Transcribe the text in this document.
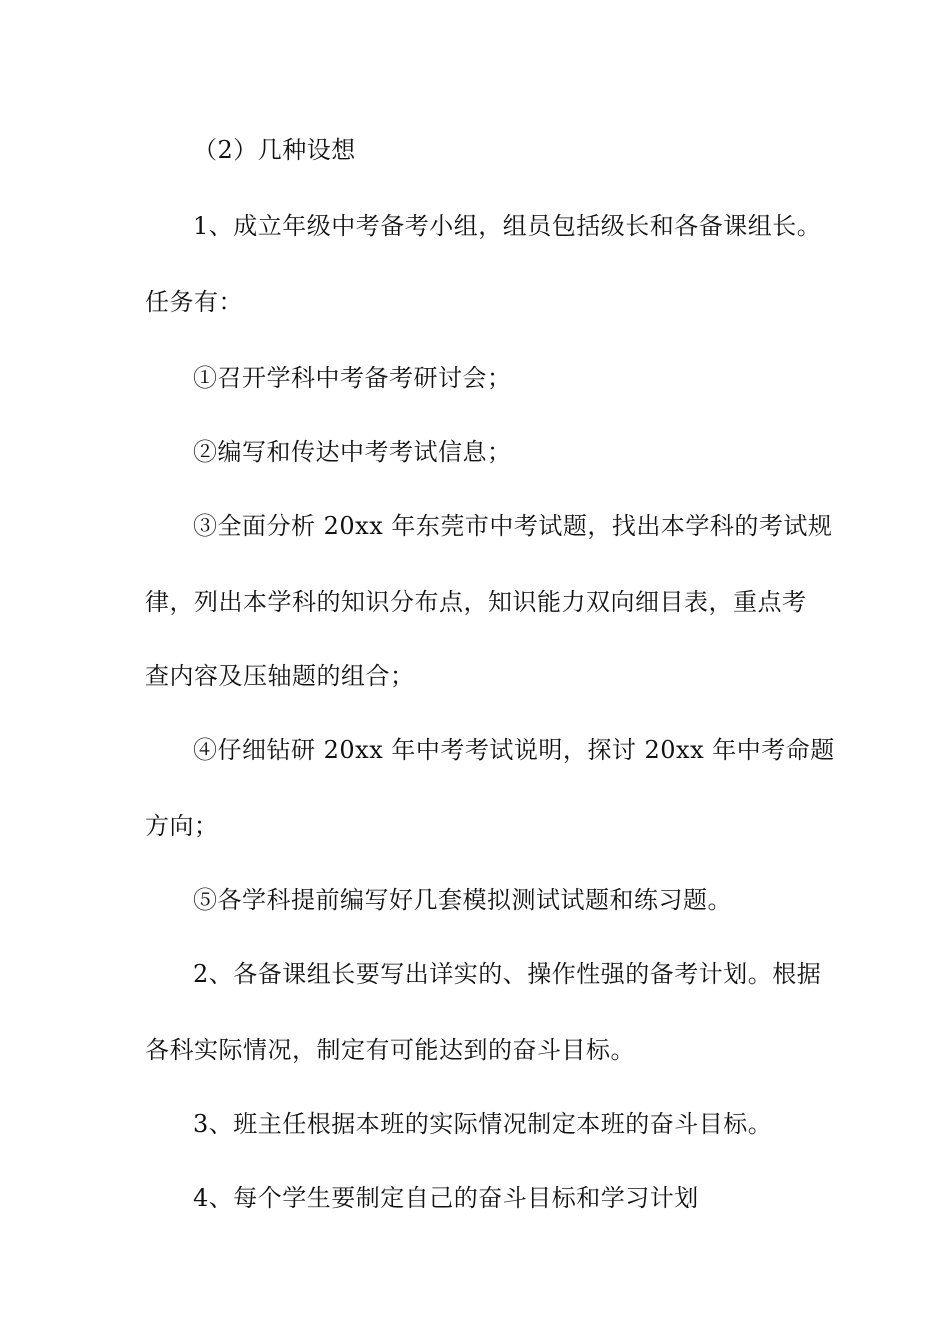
（2）几种设想
1、成立年级中考备考小组，组员包括级长和各备课组长。
任务有：
①召开学科中考备考研讨会；
②编写和传达中考考试信息；
③全面分析 20xx 年东莞市中考试题，找出本学科的考试规
律，列出本学科的知识分布点，知识能力双向细目表，重点考
查内容及压轴题的组合；
④仔细钻研 20xx 年中考考试说明，探讨 20xx 年中考命题
方向；
⑤各学科提前编写好几套模拟测试试题和练习题。
2、各备课组长要写出详实的、操作性强的备考计划。根据
各科实际情况，制定有可能达到的奋斗目标。
3、班主任根据本班的实际情况制定本班的奋斗目标。
4、每个学生要制定自己的奋斗目标和学习计划
